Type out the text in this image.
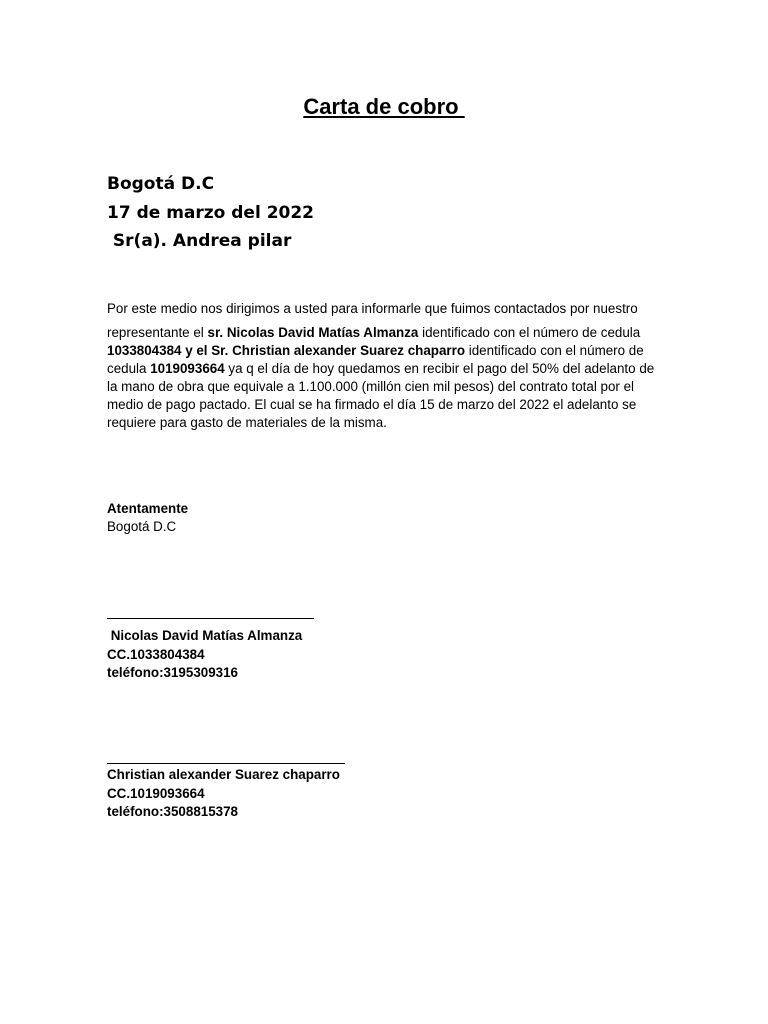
Carta de cobro
Bogotá D.C
17 de marzo del 2022
Sr(a). Andrea pilar
Por este medio nos dirigimos a usted para informarle que fuimos contactados por nuestro
representante el sr. Nicolas David Matías Almanza identificado con el número de cedula 1033804384 y el Sr. Christian alexander Suarez chaparro identificado con el número de cedula 1019093664 ya q el día de hoy quedamos en recibir el pago del 50% del adelanto de la mano de obra que equivale a 1.100.000 (millón cien mil pesos) del contrato total por el medio de pago pactado. El cual se ha firmado el día 15 de marzo del 2022 el adelanto se requiere para gasto de materiales de la misma.
Atentamente
Bogotá D.C
Nicolas David Matías Almanza
CC.1033804384
teléfono:3195309316
Christian alexander Suarez chaparro
CC.1019093664
teléfono:3508815378
